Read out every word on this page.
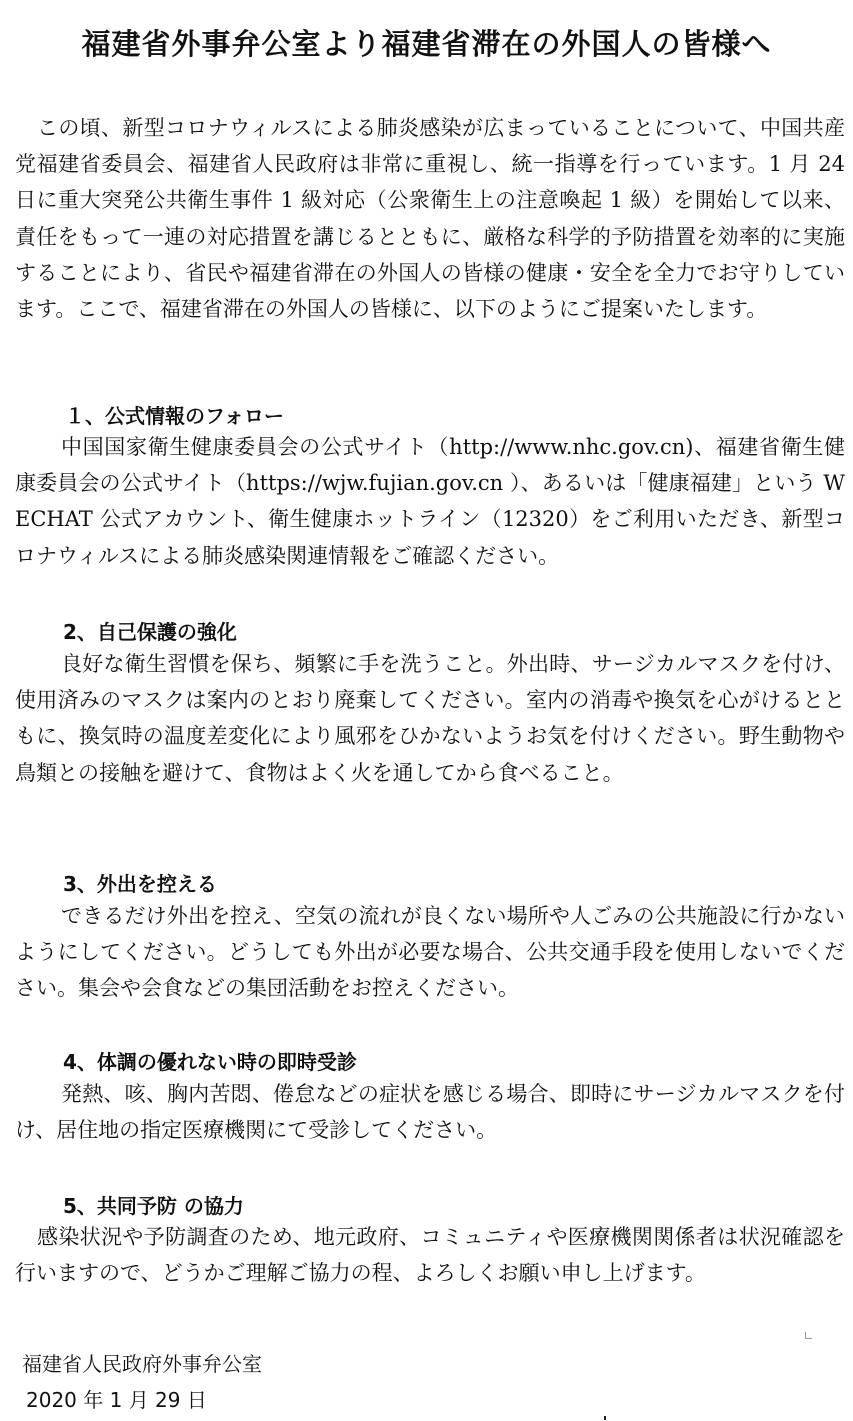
福建省外事弁公室より福建省滞在の外国人の皆様へ
この頃、新型コロナウィルスによる肺炎感染が広まっていることについて、中国共産党福建省委員会、福建省人民政府は非常に重視し、統一指導を行っています。1 月 24 日に重大突発公共衛生事件 1 級対応（公衆衛生上の注意喚起 1 級）を開始して以来、責任をもって一連の対応措置を講じるとともに、厳格な科学的予防措置を効率的に実施することにより、省民や福建省滞在の外国人の皆様の健康・安全を全力でお守りしています。ここで、福建省滞在の外国人の皆様に、以下のようにご提案いたします。
１、公式情報のフォロー
中国国家衛生健康委員会の公式サイト（http://www.nhc.gov.cn)、福建省衛生健康委員会の公式サイト（https://wjw.fujian.gov.cn ）、あるいは「健康福建」という WECHAT 公式アカウント、衛生健康ホットライン（12320）をご利用いただき、新型コロナウィルスによる肺炎感染関連情報をご確認ください。
2、自己保護の強化
良好な衛生習慣を保ち、頻繁に手を洗うこと。外出時、サージカルマスクを付け、使用済みのマスクは案内のとおり廃棄してください。室内の消毒や換気を心がけるとともに、換気時の温度差変化により風邪をひかないようお気を付けください。野生動物や鳥類との接触を避けて、食物はよく火を通してから食べること。
3、外出を控える
できるだけ外出を控え、空気の流れが良くない場所や人ごみの公共施設に行かないようにしてください。どうしても外出が必要な場合、公共交通手段を使用しないでください。集会や会食などの集団活動をお控えください。
4、体調の優れない時の即時受診
発熱、咳、胸内苦悶、倦怠などの症状を感じる場合、即時にサージカルマスクを付け、居住地の指定医療機関にて受診してください。
5、共同予防 の協力
感染状況や予防調査のため、地元政府、コミュニティや医療機関関係者は状況確認を行いますので、どうかご理解ご協力の程、よろしくお願い申し上げます。
福建省人民政府外事弁公室
2020 年 1 月 29 日
